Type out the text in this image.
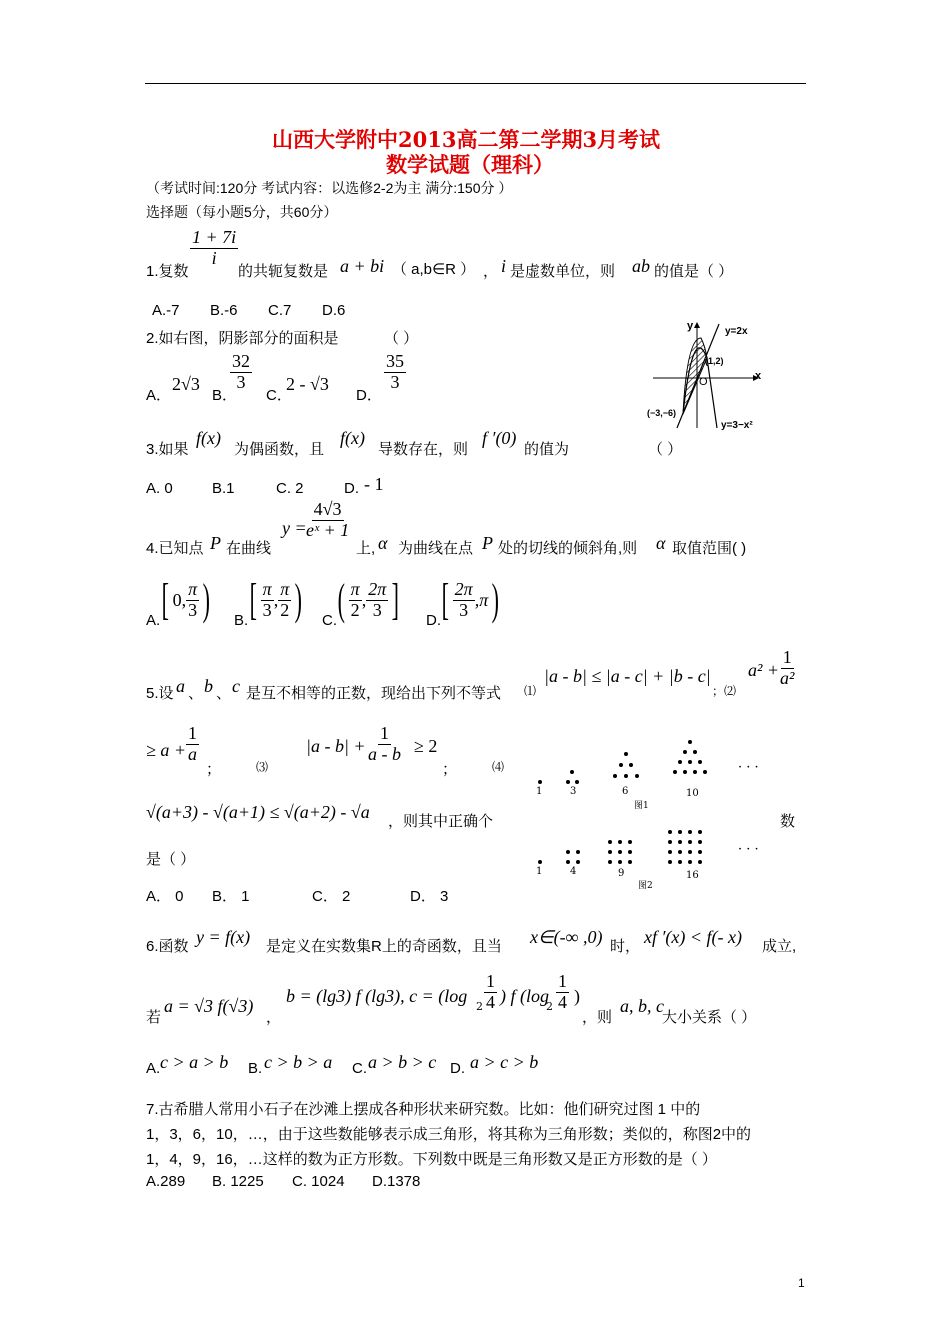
山西大学附中2013高二第二学期3月考试
数学试题（理科）
（考试时间:120分 考试内容：以选修2-2为主 满分:150分 ）
选择题（每小题5分，共60分）
1.复数
$\frac{1 + 7i}{i}$
的共轭复数是 a + bi （ a,b∈R ） ， i 是虚数单位，则 ab 的值是（ ）
A.-7 B.-6 C.7 D.6
2.如右图，阴影部分的面积是	（ ）
A．
2√3
B．
$\frac{32}{3}$
C．
2 - √3
D．
$\frac{35}{3}$
y
x
O
y=2x
(1,2)
(−3,−6)
y=3−x²
3.如果
f(x)
为偶函数，且
f(x)
导数存在，则
f ′(0)
的值为	（ ）
A. 0	B.1	C. 2	D. - 1
4.已知点 P 在曲线
y =
$\frac{4√3}{\text{eˣ + 1}}$
上, α 为曲线在点 P 处的切线的倾斜角,则 α 取值范围( )
A. [ 0, $\frac{\pi}{3}$ ) B. [ $\frac{\pi}{3}$ , $\frac{\pi}{2}$ ) C. ( $\frac{\pi}{2}$ , $\frac{2\pi}{3}$ ] D. [ $\frac{2\pi}{3} ,\pi$ )
5.设 a 、 b 、 c 是互不相等的正数，现给出下列不等式 ⑴
|a - b| ≤ |a - c| + |b - c|
；⑵
a² +
$\frac{1}{\text{a²}}$
≥ $a + \frac{1}{a}$
；	⑶
$|a - b| + \frac{1}{a - b} \ge 2$
；	⑷
√(a+3) - √(a+1) ≤ √(a+2) - √a ，则其中正确个	数
是（ ）
A． 0 B． 1	C． 2	D． 3
1	3	6	10
图1
· · ·
1	4	9	16
图2
· · ·
6.函数 y = f(x) 是定义在实数集R上的奇函数，且当 x∈(-∞ ,0) 时， xf ′(x) < f(- x) 成立,
若
a = √3 f(√3)
，
b = (lg3) f (lg3), c = (log
$2 \frac{1}{4}$ ) f (log
$2 \frac{1}{4}$ )
，则
a, b, c
大小关系（ ）
A. c > a > b B. c > b > a C. a > b > c D. a > c > b
7.古希腊人常用小石子在沙滩上摆成各种形状来研究数。比如：他们研究过图 1 中的
1，3，6，10，…，由于这些数能够表示成三角形，将其称为三角形数；类似的，称图2中的
1，4，9，16，…这样的数为正方形数。下列数中既是三角形数又是正方形数的是（ ）
A.289 B. 1225 C. 1024 D.1378
1
